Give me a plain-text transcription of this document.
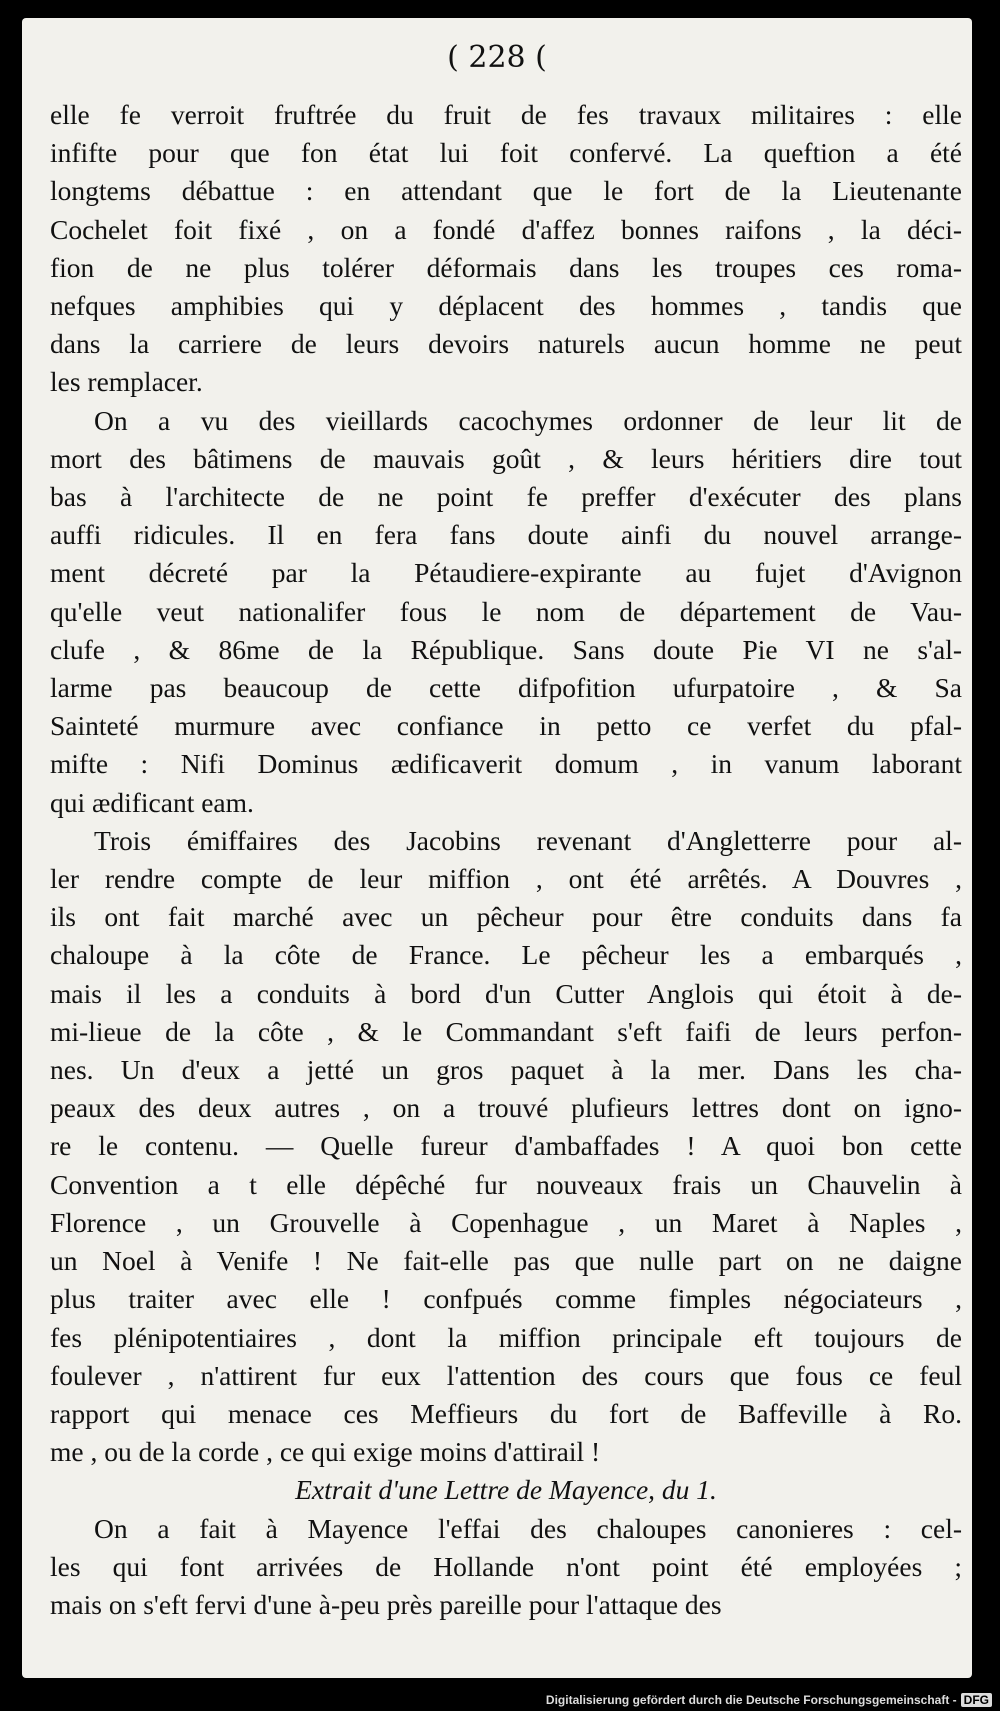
( 228 (

elle fe verroit fruftrée du fruit de fes travaux militaires : elle
infifte pour que fon état lui foit confervé. La queftion a été
longtems débattue : en attendant que le fort de la Lieutenante
Cochelet foit fixé , on a fondé d'affez bonnes raifons , la déci-
fion de ne plus tolérer déformais dans les troupes ces roma-
nefques amphibies qui y déplacent des hommes , tandis que
dans la carriere de leurs devoirs naturels aucun homme ne peut
les remplacer.

On a vu des vieillards cacochymes ordonner de leur lit de
mort des bâtimens de mauvais goût , & leurs héritiers dire tout
bas à l'architecte de ne point fe preffer d'exécuter des plans
auffi ridicules. Il en fera fans doute ainfi du nouvel arrange-
ment décreté par la Pétaudiere-expirante au fujet d'Avignon
qu'elle veut nationalifer fous le nom de département de Vau-
clufe , & 86me de la République. Sans doute Pie VI ne s'al-
larme pas beaucoup de cette difpofition ufurpatoire , & Sa
Sainteté murmure avec confiance in petto ce verfet du pfal-
mifte : Nifi Dominus ædificaverit domum , in vanum laborant
qui ædificant eam.

Trois émiffaires des Jacobins revenant d'Angletterre pour al-
ler rendre compte de leur miffion , ont été arrêtés. A Douvres ,
ils ont fait marché avec un pêcheur pour être conduits dans fa
chaloupe à la côte de France. Le pêcheur les a embarqués ,
mais il les a conduits à bord d'un Cutter Anglois qui étoit à de-
mi-lieue de la côte , & le Commandant s'eft faifi de leurs perfon-
nes. Un d'eux a jetté un gros paquet à la mer. Dans les cha-
peaux des deux autres , on a trouvé plufieurs lettres dont on igno-
re le contenu. — Quelle fureur d'ambaffades ! A quoi bon cette
Convention a t elle dépêché fur nouveaux frais un Chauvelin à
Florence , un Grouvelle à Copenhague , un Maret à Naples ,
un Noel à Venife ! Ne fait-elle pas que nulle part on ne daigne
plus traiter avec elle ! confpués comme fimples négociateurs ,
fes plénipotentiaires , dont la miffion principale eft toujours de
foulever , n'attirent fur eux l'attention des cours que fous ce feul
rapport qui menace ces Meffieurs du fort de Baffeville à Ro.
me , ou de la corde , ce qui exige moins d'attirail !

Extrait d'une Lettre de Mayence, du 1.

On a fait à Mayence l'effai des chaloupes canonieres : cel-
les qui font arrivées de Hollande n'ont point été employées ;
mais on s'eft fervi d'une à-peu près pareille pour l'attaque des

Digitalisierung gefördert durch die Deutsche Forschungsgemeinschaft - DFG
